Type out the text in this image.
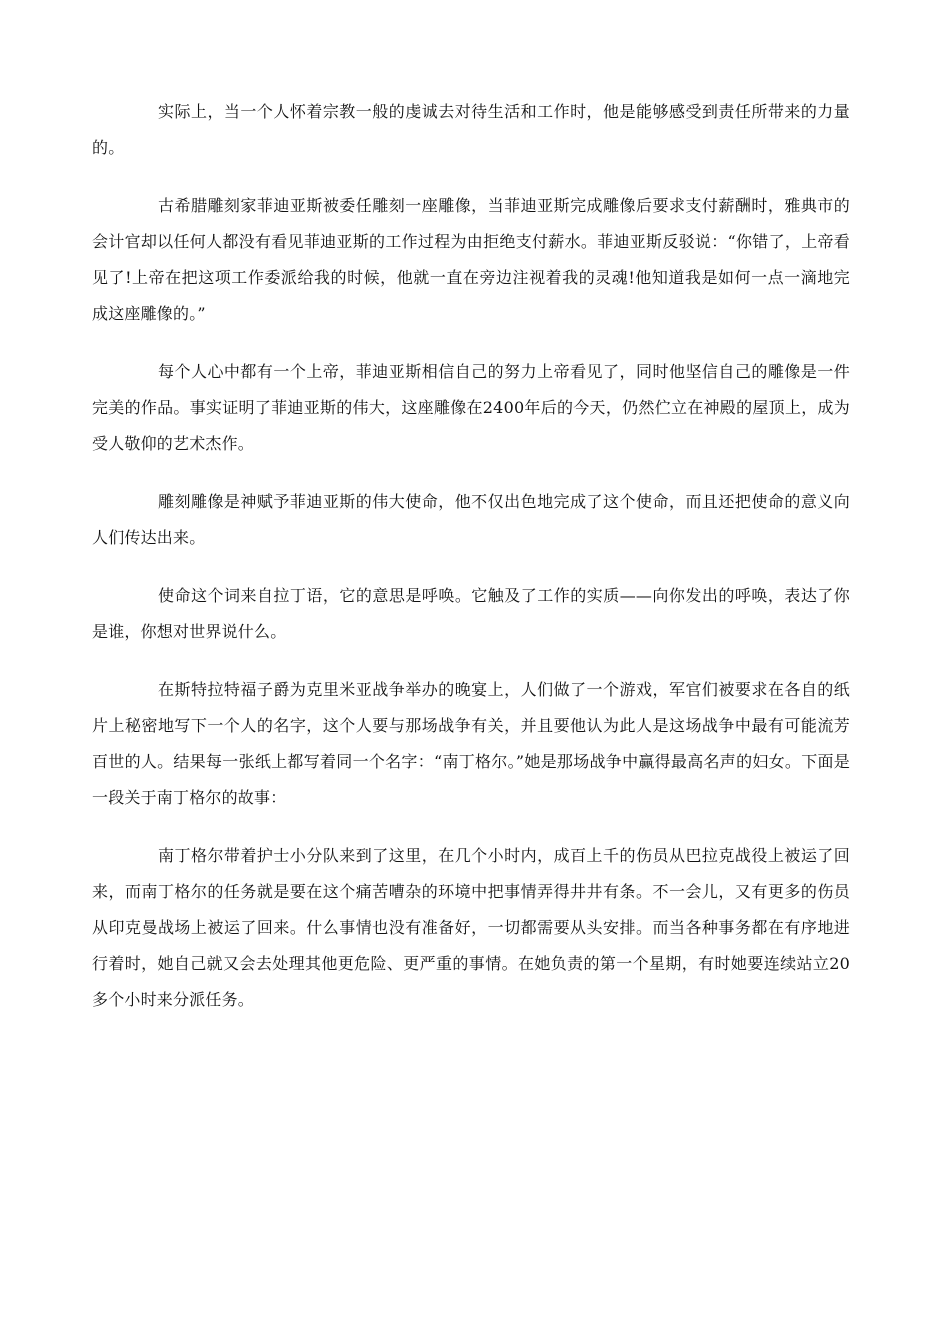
实际上，当一个人怀着宗教一般的虔诚去对待生活和工作时，他是能够感受到责任所带来的力量的。

古希腊雕刻家菲迪亚斯被委任雕刻一座雕像，当菲迪亚斯完成雕像后要求支付薪酬时，雅典市的会计官却以任何人都没有看见菲迪亚斯的工作过程为由拒绝支付薪水。菲迪亚斯反驳说：“你错了，上帝看见了!上帝在把这项工作委派给我的时候，他就一直在旁边注视着我的灵魂!他知道我是如何一点一滴地完成这座雕像的。”

每个人心中都有一个上帝，菲迪亚斯相信自己的努力上帝看见了，同时他坚信自己的雕像是一件完美的作品。事实证明了菲迪亚斯的伟大，这座雕像在2400年后的今天，仍然伫立在神殿的屋顶上，成为受人敬仰的艺术杰作。

雕刻雕像是神赋予菲迪亚斯的伟大使命，他不仅出色地完成了这个使命，而且还把使命的意义向人们传达出来。

使命这个词来自拉丁语，它的意思是呼唤。它触及了工作的实质——向你发出的呼唤，表达了你是谁，你想对世界说什么。

在斯特拉特福子爵为克里米亚战争举办的晚宴上，人们做了一个游戏，军官们被要求在各自的纸片上秘密地写下一个人的名字，这个人要与那场战争有关，并且要他认为此人是这场战争中最有可能流芳百世的人。结果每一张纸上都写着同一个名字：“南丁格尔。”她是那场战争中赢得最高名声的妇女。下面是一段关于南丁格尔的故事：

南丁格尔带着护士小分队来到了这里，在几个小时内，成百上千的伤员从巴拉克战役上被运了回来，而南丁格尔的任务就是要在这个痛苦嘈杂的环境中把事情弄得井井有条。不一会儿，又有更多的伤员从印克曼战场上被运了回来。什么事情也没有准备好，一切都需要从头安排。而当各种事务都在有序地进行着时，她自己就又会去处理其他更危险、更严重的事情。在她负责的第一个星期，有时她要连续站立20多个小时来分派任务。
